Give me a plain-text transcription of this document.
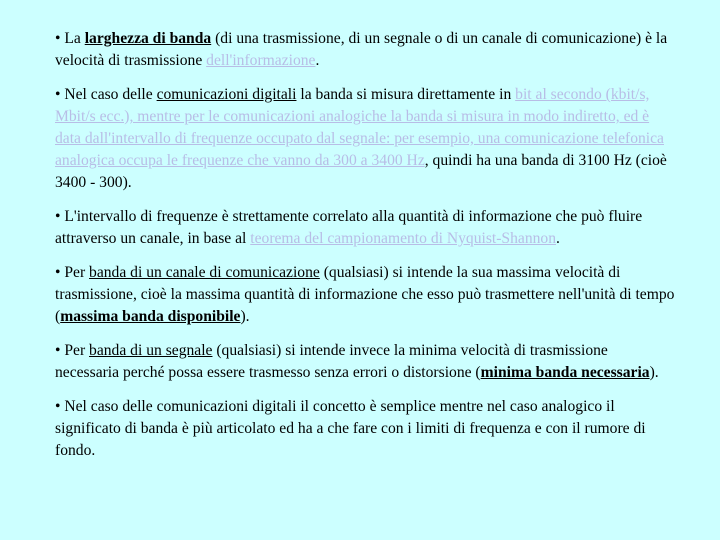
• La larghezza di banda (di una trasmissione, di un segnale o di un canale di comunicazione) è la velocità di trasmissione dell'informazione.

• Nel caso delle comunicazioni digitali la banda si misura direttamente in bit al secondo (kbit/s, Mbit/s ecc.), mentre per le comunicazioni analogiche la banda si misura in modo indiretto, ed è data dall'intervallo di frequenze occupato dal segnale: per esempio, una comunicazione telefonica analogica occupa le frequenze che vanno da 300 a 3400 Hz, quindi ha una banda di 3100 Hz (cioè 3400 - 300).

• L'intervallo di frequenze è strettamente correlato alla quantità di informazione che può fluire attraverso un canale, in base al teorema del campionamento di Nyquist-Shannon.

• Per banda di un canale di comunicazione (qualsiasi) si intende la sua massima velocità di trasmissione, cioè la massima quantità di informazione che esso può trasmettere nell'unità di tempo (massima banda disponibile).

• Per banda di un segnale (qualsiasi) si intende invece la minima velocità di trasmissione necessaria perché possa essere trasmesso senza errori o distorsione (minima banda necessaria).

• Nel caso delle comunicazioni digitali il concetto è semplice mentre nel caso analogico il significato di banda è più articolato ed ha a che fare con i limiti di frequenza e con il rumore di fondo.
